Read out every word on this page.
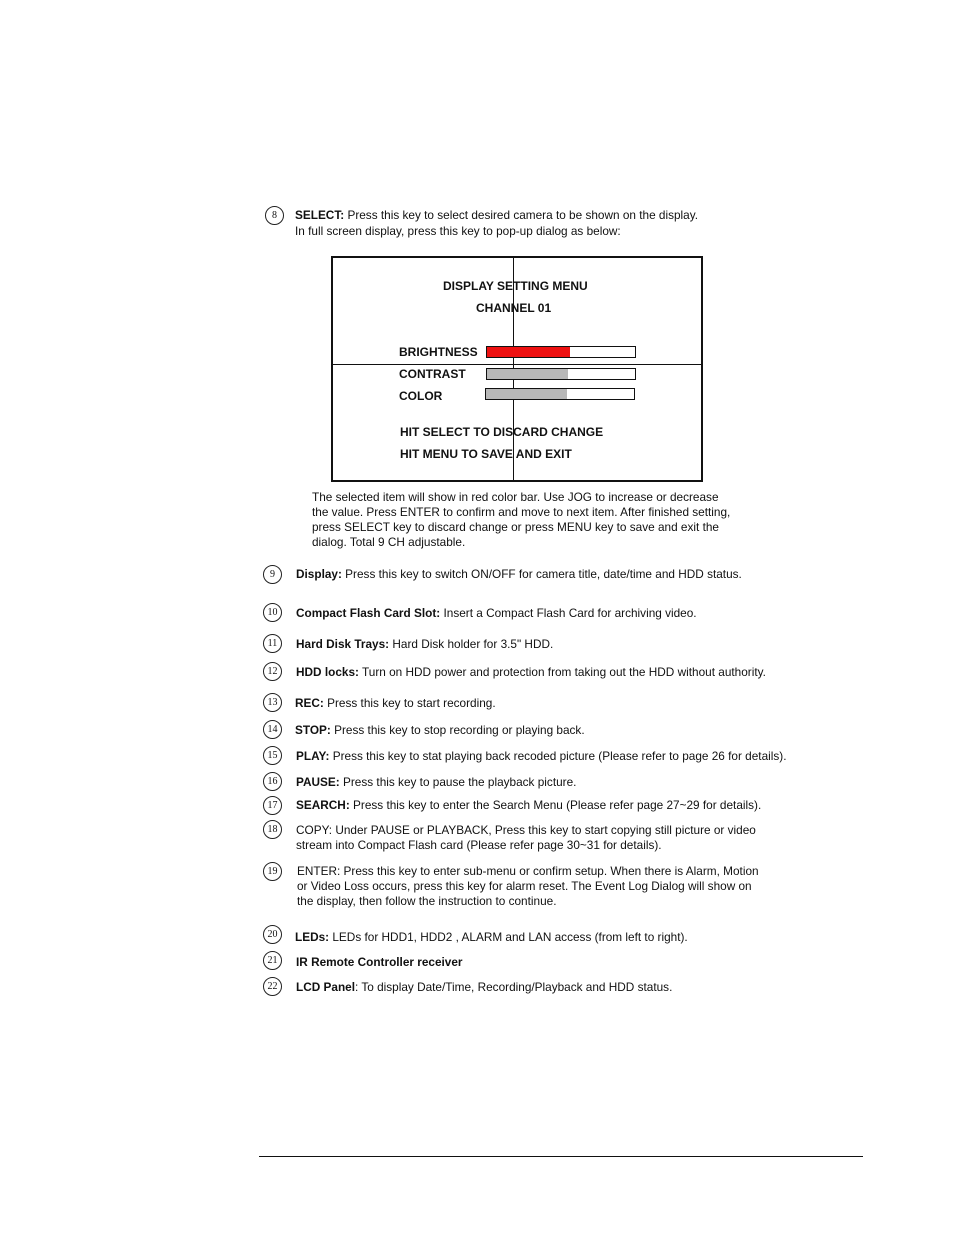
8	SELECT: Press this key to select desired camera to be shown on the display.
In full screen display, press this key to pop-up dialog as below:
DISPLAY SETTING MENU
CHANNEL 01
BRIGHTNESS
CONTRAST
COLOR
HIT SELECT TO DISCARD CHANGE
HIT MENU TO SAVE AND EXIT
The selected item will show in red color bar. Use JOG to increase or decrease
the value. Press ENTER to confirm and move to next item. After finished setting,
press SELECT key to discard change or press MENU key to save and exit the
dialog. Total 9 CH adjustable.
9	Display: Press this key to switch ON/OFF for camera title, date/time and HDD status.
10	Compact Flash Card Slot: Insert a Compact Flash Card for archiving video.
11	Hard Disk Trays: Hard Disk holder for 3.5" HDD.
12	HDD locks: Turn on HDD power and protection from taking out the HDD without authority.
13	REC: Press this key to start recording.
14	STOP: Press this key to stop recording or playing back.
15	PLAY: Press this key to stat playing back recoded picture (Please refer to page 26 for details).
16	PAUSE: Press this key to pause the playback picture.
17	SEARCH: Press this key to enter the Search Menu (Please refer page 27~29 for details).
18	COPY: Under PAUSE or PLAYBACK, Press this key to start copying still picture or video
stream into Compact Flash card (Please refer page 30~31 for details).
19	ENTER: Press this key to enter sub-menu or confirm setup. When there is Alarm, Motion
or Video Loss occurs, press this key for alarm reset. The Event Log Dialog will show on
the display, then follow the instruction to continue.
20	LEDs: LEDs for HDD1, HDD2 , ALARM and LAN access (from left to right).
21	IR Remote Controller receiver
22	LCD Panel: To display Date/Time, Recording/Playback and HDD status.
